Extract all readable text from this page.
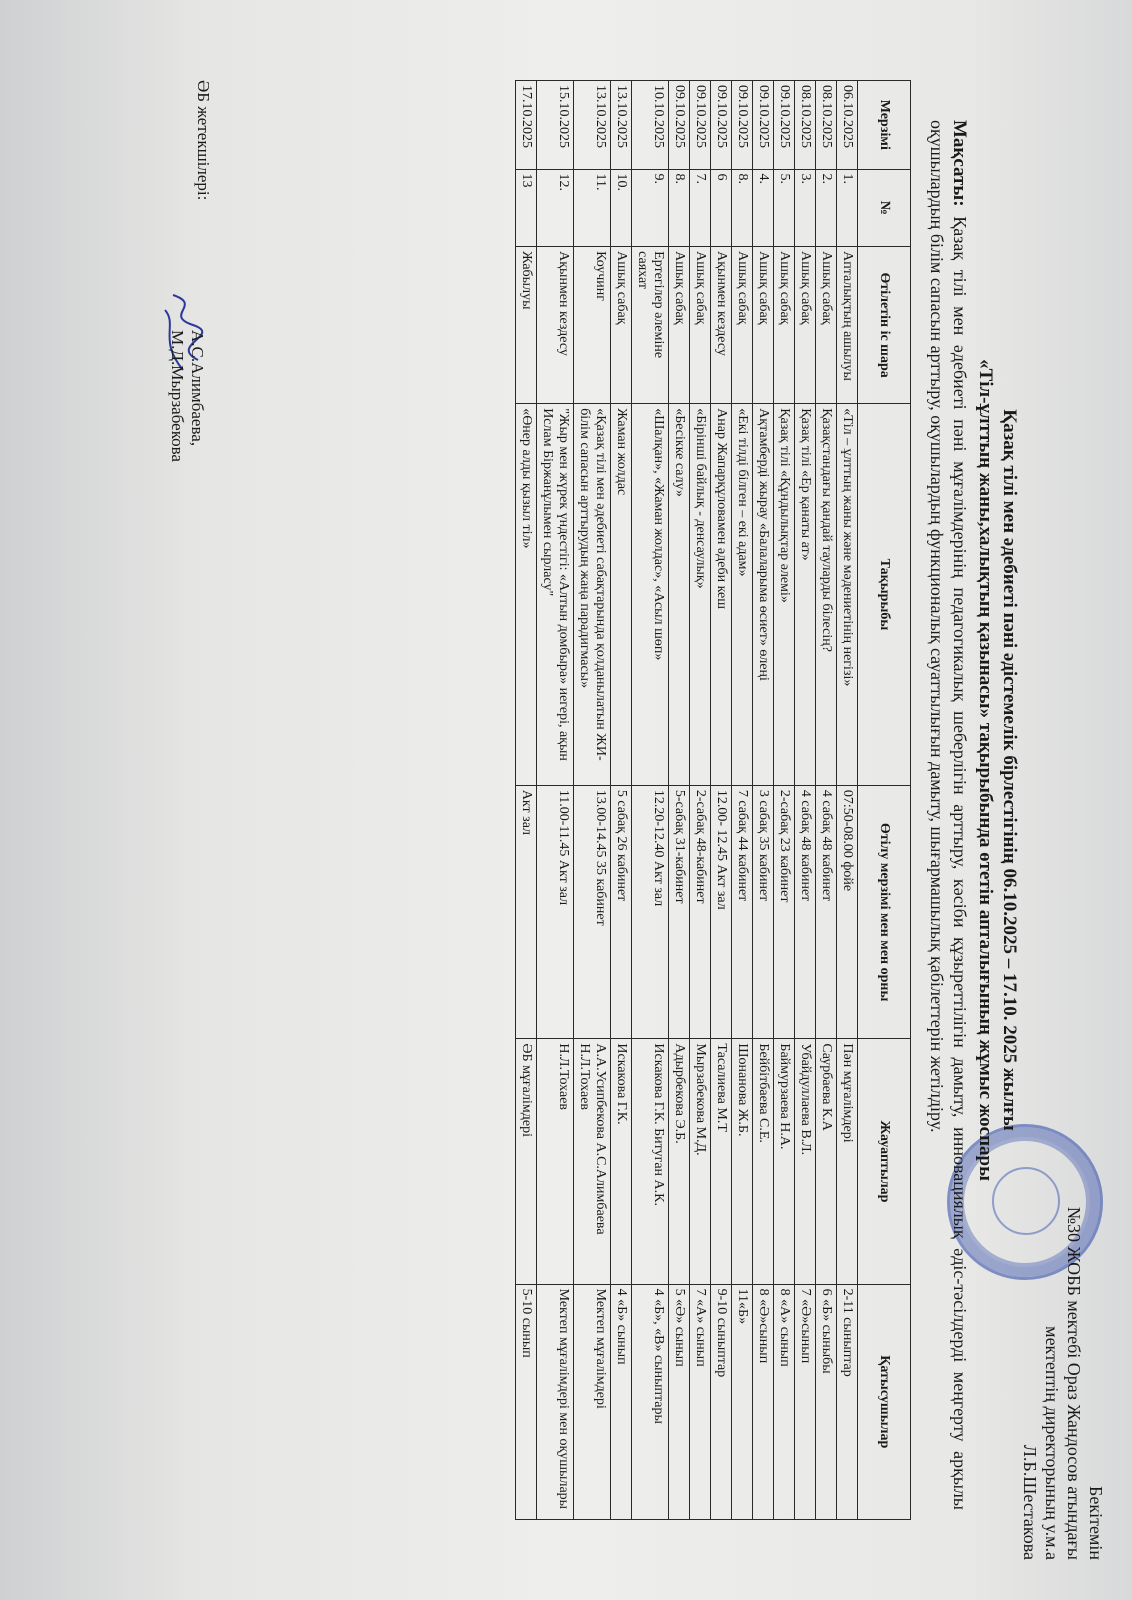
Бекітемін
№30 ЖОББ мектебі Ораз Жандосов атындағы
мектептің директорының у.м.а
Л.Б.Шестакова
Қазақ тілі мен әдебиеті пәні әдістемелік бірлестігінің 06.10.2025 – 17.10. 2025 жылғы
«Тіл-ұлттың жаны,халықтың қазынасы» тақырыбында өтетін апталығының жұмыс жоспары
Мақсаты: Қазақ тілі мен әдебиеті пәні мұғалімдерінің педагогикалық шеберлігін арттыру, кәсіби құзыреттілігін дамыту, инновациялық әдіс-тәсілдерді меңгерту арқылы оқушылардың білім сапасын арттыру, оқушылардың функционалық сауаттылығын дамыту, шығармашылық қабілеттерін жетілдіру.
Мерзімі	№	Өтілетін іс шара	Тақырыбы	Өтілу мерзімі мен мен орны	Жауаптылар	Қатысушылар
06.10.2025	1.	Апталықтың ашылуы	«Тіл – ұлттың жаны және мәдениетінің негізі»	07:50-08.00 фойе	Пән мұғалімдері	2-11 сыныптар
08.10.2025	2.	Ашық сабақ	Қазақстандағы қандай тауларды білесің?	4 сабақ 48 кабинет	Саурбаева К.А	6 «Б» сыныбы
08.10.2025	3.	Ашық сабақ	Қазақ тілі «Ер қанаты ат»	4 сабақ 48 кабинет	Убайдуллаева В.Л.	7 «Ә»сынып
09.10.2025	5.	Ашық сабақ	Қазақ тілі «Құндылықтар әлемі»	2-сабақ 23 кабинет	Баймурзаева Н.А.	8 «А» сынып
09.10.2025	4.	Ашық сабақ	Ақтамберді жырау «Балаларыма өсиет» өлеңі	3 сабақ 35 кабинет	Бейбітбаева С.Е.	8 «Ә»сынып
09.10.2025	8.	Ашық сабақ	«Екі тілді білген – екі адам»	7 сабақ 44 кабинет	Шонанова Ж.Б.	11«Б»
09.10.2025	6	Ақынмен кездесу	Анар Жапарқұловамен әдеби кеш	12.00- 12.45 Акт зал	Тасалиева М.Т	9-10 сыныптар
09.10.2025	7.	Ашық сабақ	«Бірінші байлық - денсаулық»	2-сабақ 48-кабинет	Мырзабекова М.Д.	7 «А» сынып
09.10.2025	8.	Ашық сабақ	«Бесікке салу»	5-сабақ 31-кабинет	Адырбекова Э.Б.	5 «Ә» сынып
10.10.2025	9.	Ертегілер әлеміне саяхат	«Шалқан», «Жаман жолдас», «Асыл шөп»	12.20-12.40 Акт зал	Искакова Г.К. Битуган А.К.	4 «Б», «В» сыныптары
13.10.2025	10.	Ашық сабақ	Жаман жолдас	5 сабақ 26 кабинет	Искакова Г.К.	4 «Б» сынып
13.10.2025	11.	Коучинг	«Қазақ тілі мен әдебиеті сабақтарында қолданылатын ЖИ-білім сапасын арттырудың жаңа парадигмасы»	13.00-14.45 35 кабинет	А.А.Усипбекова А.С.Алимбаева Н.Л.Тохаев	Мектеп мұғалімдері
15.10.2025	12.	Ақынмен кездесу	"Жыр мен жүрек үндестігі: «Алтын домбыра» иегері, ақын Ислам Біржанұлымен сырласу"	11.00-11.45 Акт зал	Н.Л.Тохаев	Мектеп мұғалімдері мен оқушылары
17.10.2025	13	Жабылуы	«Өнер алды қызыл тіл»	Акт зал	ӘБ мұғалімдері	5-10 сынып
ӘБ жетекшілері:
А.С.Алимбаева,
М.Д.Мырзабекова
